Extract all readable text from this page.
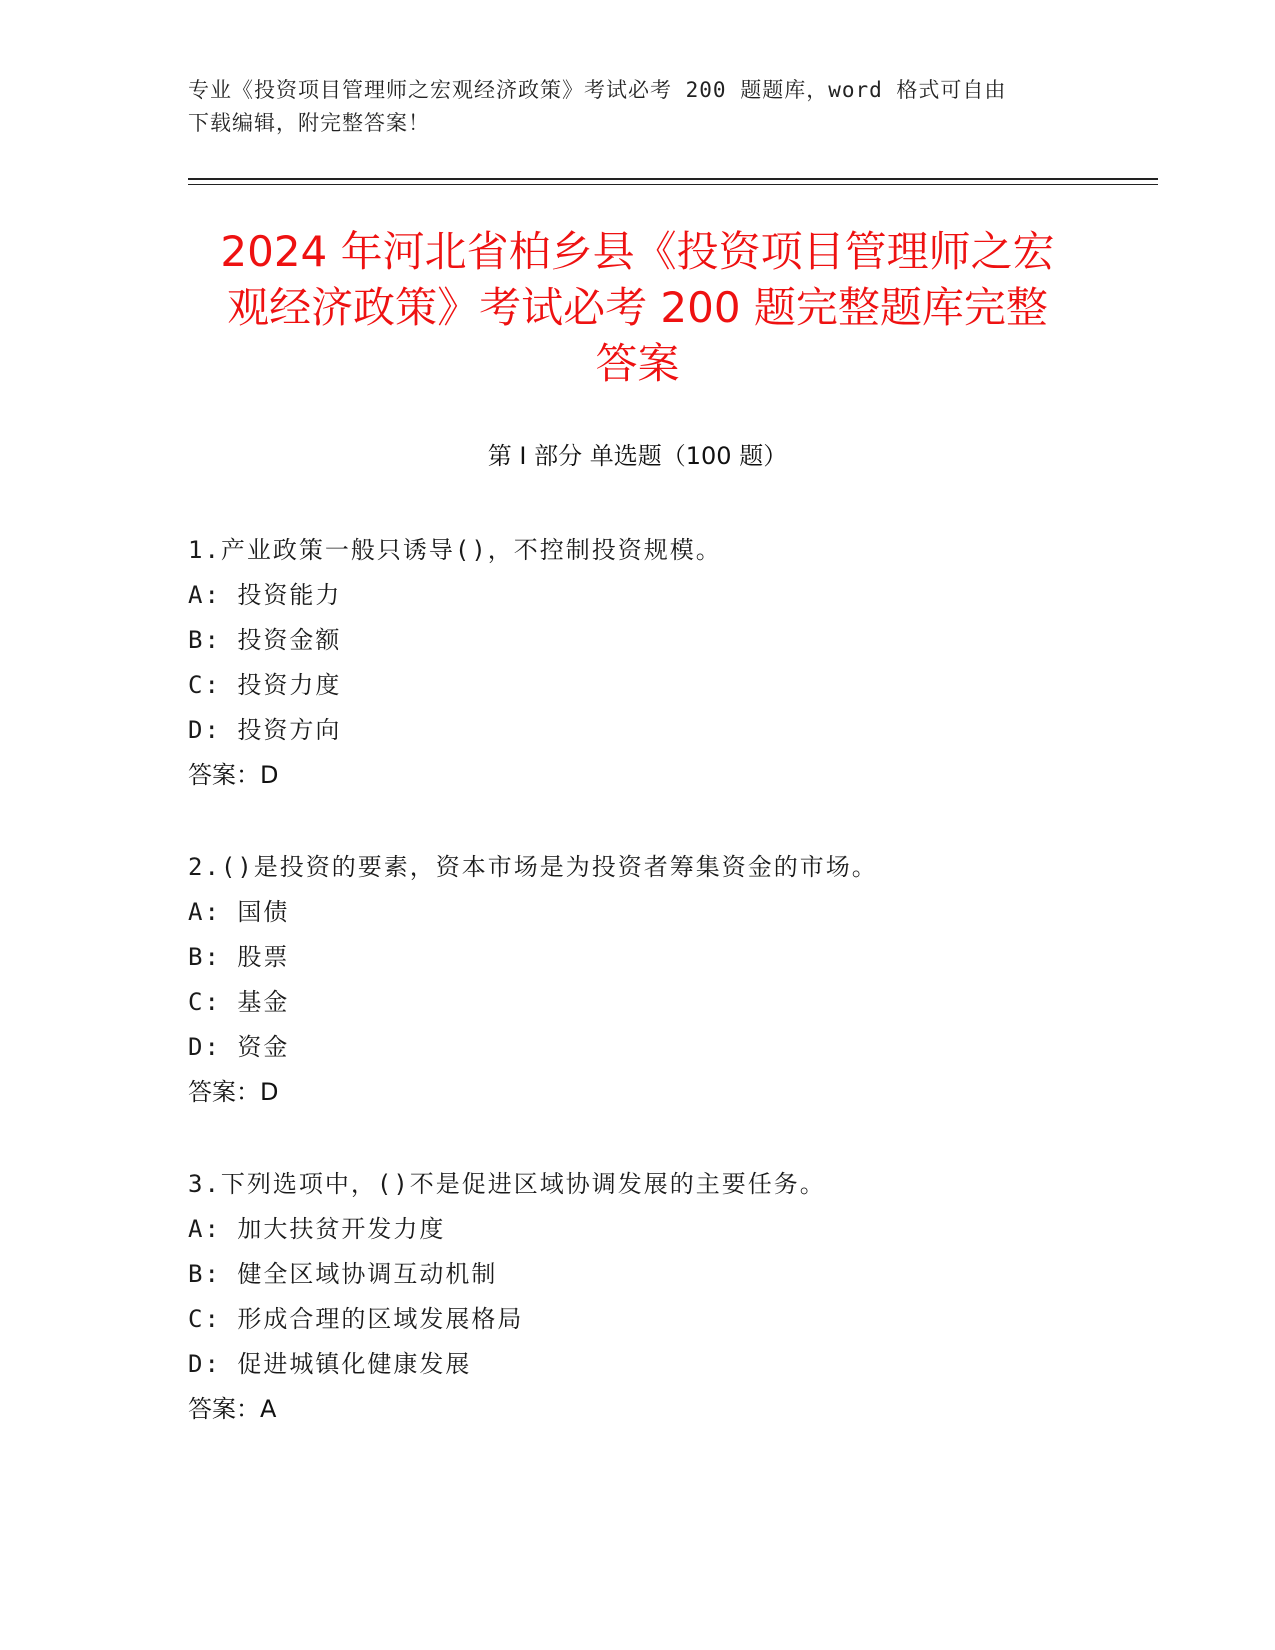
专业《投资项目管理师之宏观经济政策》考试必考 200 题题库，word 格式可自由
下载编辑，附完整答案！
2024 年河北省柏乡县《投资项目管理师之宏
观经济政策》考试必考 200 题完整题库完整
答案
第 I 部分 单选题（100 题）
1.产业政策一般只诱导()，不控制投资规模。
A: 投资能力
B: 投资金额
C: 投资力度
D: 投资方向
答案：D
2.()是投资的要素，资本市场是为投资者筹集资金的市场。
A: 国债
B: 股票
C: 基金
D: 资金
答案：D
3.下列选项中，()不是促进区域协调发展的主要任务。
A: 加大扶贫开发力度
B: 健全区域协调互动机制
C: 形成合理的区域发展格局
D: 促进城镇化健康发展
答案：A
